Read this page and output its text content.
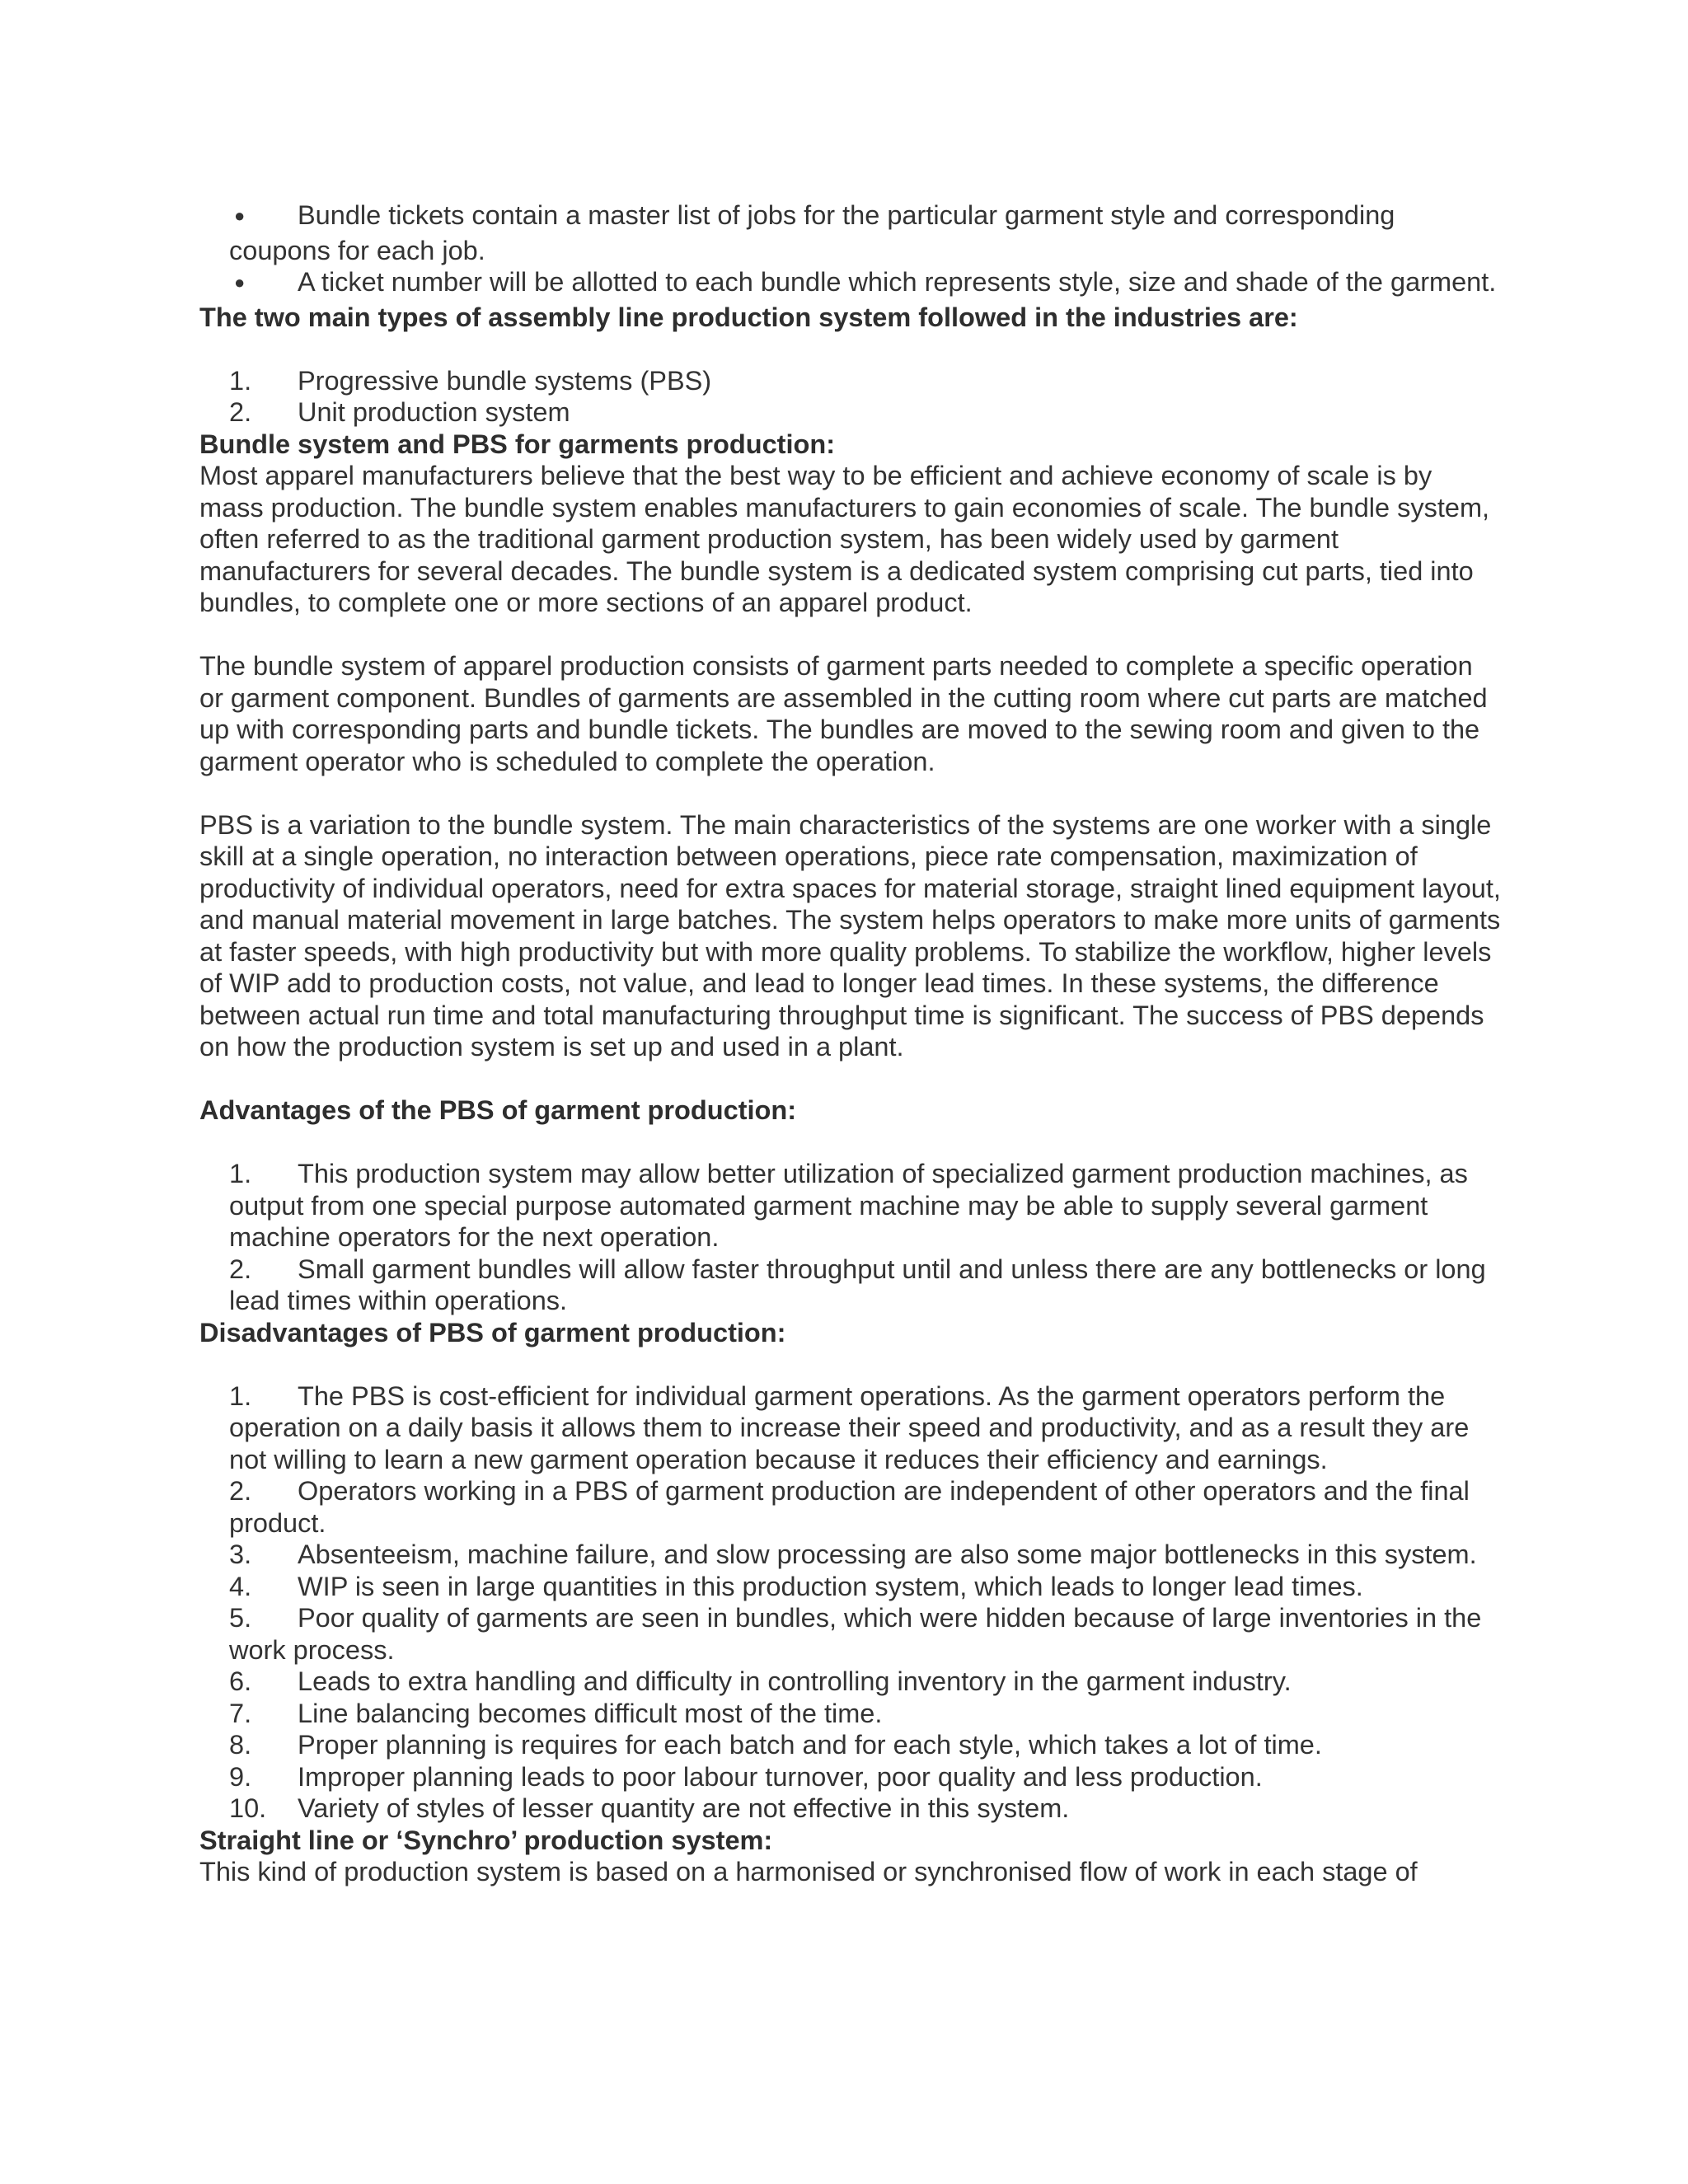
● Bundle tickets contain a master list of jobs for the particular garment style and corresponding coupons for each job.

● A ticket number will be allotted to each bundle which represents style, size and shade of the garment.

The two main types of assembly line production system followed in the industries are:

1. Progressive bundle systems (PBS)

2. Unit production system

Bundle system and PBS for garments production:

Most apparel manufacturers believe that the best way to be efficient and achieve economy of scale is by mass production. The bundle system enables manufacturers to gain economies of scale. The bundle system, often referred to as the traditional garment production system, has been widely used by garment manufacturers for several decades. The bundle system is a dedicated system comprising cut parts, tied into bundles, to complete one or more sections of an apparel product.

The bundle system of apparel production consists of garment parts needed to complete a specific operation or garment component. Bundles of garments are assembled in the cutting room where cut parts are matched up with corresponding parts and bundle tickets. The bundles are moved to the sewing room and given to the garment operator who is scheduled to complete the operation.

PBS is a variation to the bundle system. The main characteristics of the systems are one worker with a single skill at a single operation, no interaction between operations, piece rate compensation, maximization of productivity of individual operators, need for extra spaces for material storage, straight lined equipment layout, and manual material movement in large batches. The system helps operators to make more units of garments at faster speeds, with high productivity but with more quality problems. To stabilize the workflow, higher levels of WIP add to production costs, not value, and lead to longer lead times. In these systems, the difference between actual run time and total manufacturing throughput time is significant. The success of PBS depends on how the production system is set up and used in a plant.

Advantages of the PBS of garment production:

1. This production system may allow better utilization of specialized garment production machines, as output from one special purpose automated garment machine may be able to supply several garment machine operators for the next operation.

2. Small garment bundles will allow faster throughput until and unless there are any bottlenecks or long lead times within operations.

Disadvantages of PBS of garment production:

1. The PBS is cost-efficient for individual garment operations. As the garment operators perform the operation on a daily basis it allows them to increase their speed and productivity, and as a result they are not willing to learn a new garment operation because it reduces their efficiency and earnings.

2. Operators working in a PBS of garment production are independent of other operators and the final product.

3. Absenteeism, machine failure, and slow processing are also some major bottlenecks in this system.

4. WIP is seen in large quantities in this production system, which leads to longer lead times.

5. Poor quality of garments are seen in bundles, which were hidden because of large inventories in the work process.

6. Leads to extra handling and difficulty in controlling inventory in the garment industry.

7. Line balancing becomes difficult most of the time.

8. Proper planning is requires for each batch and for each style, which takes a lot of time.

9. Improper planning leads to poor labour turnover, poor quality and less production.

10. Variety of styles of lesser quantity are not effective in this system.

Straight line or ‘Synchro’ production system:

This kind of production system is based on a harmonised or synchronised flow of work in each stage of
